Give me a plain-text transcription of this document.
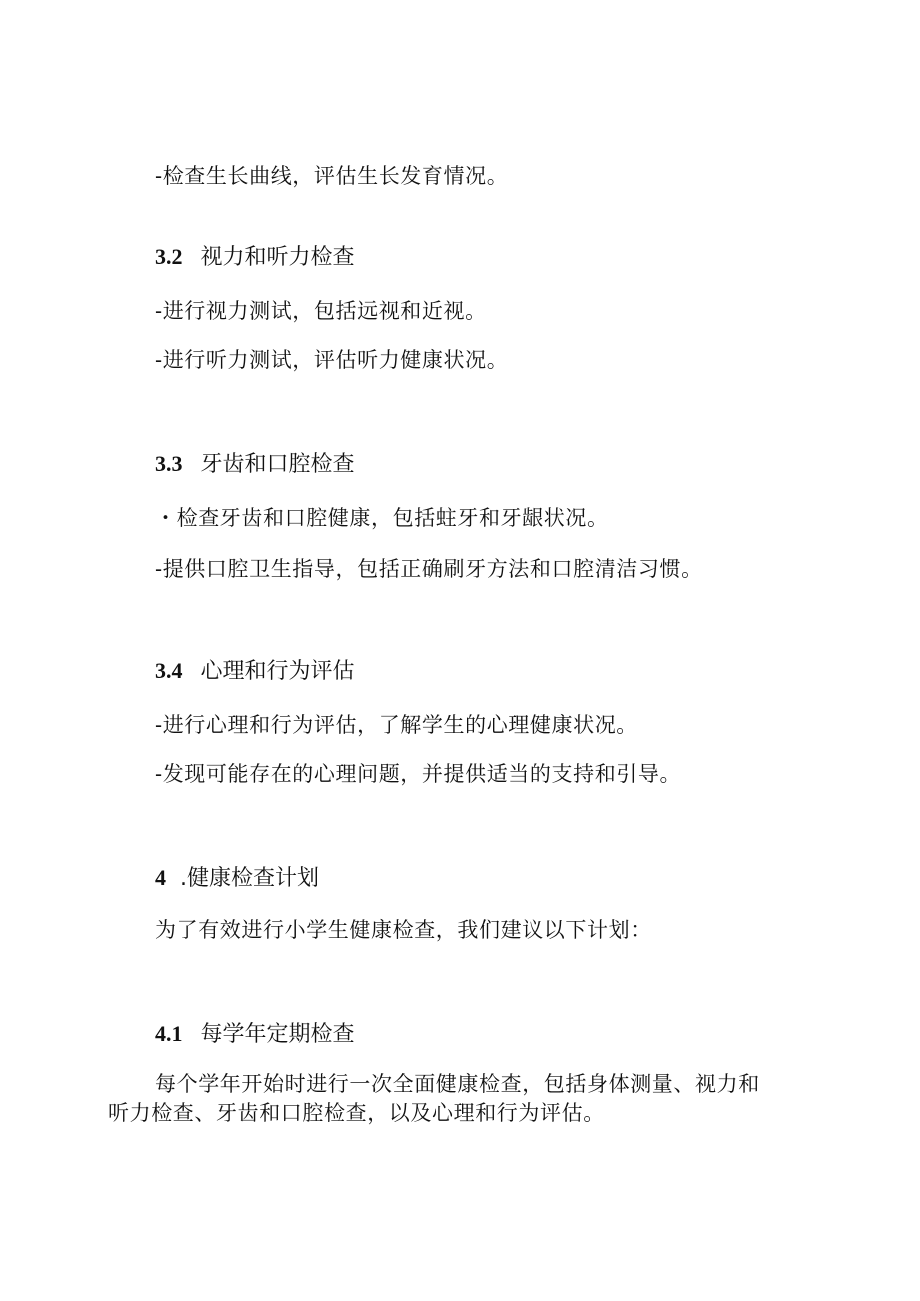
-检查生长曲线，评估生长发育情况。
3.2 视力和听力检查
-进行视力测试，包括远视和近视。
-进行听力测试，评估听力健康状况。
3.3 牙齿和口腔检查
・检查牙齿和口腔健康，包括蛀牙和牙龈状况。
-提供口腔卫生指导，包括正确刷牙方法和口腔清洁习惯。
3.4 心理和行为评估
-进行心理和行为评估，了解学生的心理健康状况。
-发现可能存在的心理问题，并提供适当的支持和引导。
4 .健康检查计划
为了有效进行小学生健康检查，我们建议以下计划：
4.1 每学年定期检查
每个学年开始时进行一次全面健康检查，包括身体测量、视力和
听力检查、牙齿和口腔检查，以及心理和行为评估。
